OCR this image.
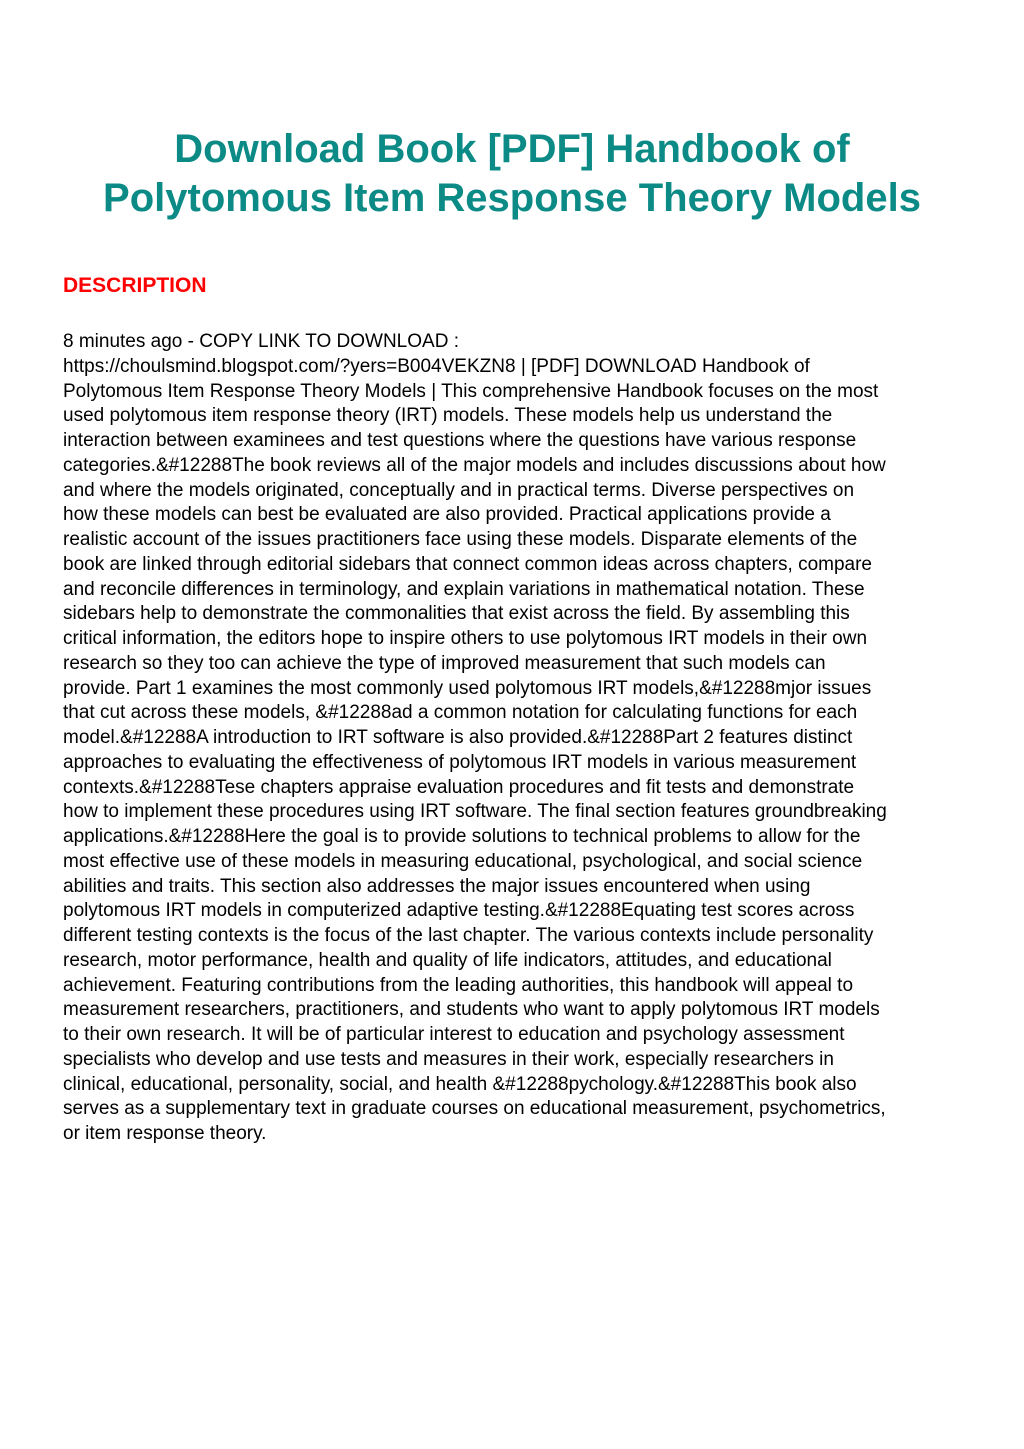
Download Book [PDF] Handbook of
Polytomous Item Response Theory Models
DESCRIPTION
8 minutes ago - COPY LINK TO DOWNLOAD :
https://choulsmind.blogspot.com/?yers=B004VEKZN8 | [PDF] DOWNLOAD Handbook of
Polytomous Item Response Theory Models | This comprehensive Handbook focuses on the most
used polytomous item response theory (IRT) models. These models help us understand the
interaction between examinees and test questions where the questions have various response
categories.&#12288The book reviews all of the major models and includes discussions about how
and where the models originated, conceptually and in practical terms. Diverse perspectives on
how these models can best be evaluated are also provided. Practical applications provide a
realistic account of the issues practitioners face using these models. Disparate elements of the
book are linked through editorial sidebars that connect common ideas across chapters, compare
and reconcile differences in terminology, and explain variations in mathematical notation. These
sidebars help to demonstrate the commonalities that exist across the field. By assembling this
critical information, the editors hope to inspire others to use polytomous IRT models in their own
research so they too can achieve the type of improved measurement that such models can
provide. Part 1 examines the most commonly used polytomous IRT models,&#12288mjor issues
that cut across these models, &#12288ad a common notation for calculating functions for each
model.&#12288A introduction to IRT software is also provided.&#12288Part 2 features distinct
approaches to evaluating the effectiveness of polytomous IRT models in various measurement
contexts.&#12288Tese chapters appraise evaluation procedures and fit tests and demonstrate
how to implement these procedures using IRT software. The final section features groundbreaking
applications.&#12288Here the goal is to provide solutions to technical problems to allow for the
most effective use of these models in measuring educational, psychological, and social science
abilities and traits. This section also addresses the major issues encountered when using
polytomous IRT models in computerized adaptive testing.&#12288Equating test scores across
different testing contexts is the focus of the last chapter. The various contexts include personality
research, motor performance, health and quality of life indicators, attitudes, and educational
achievement. Featuring contributions from the leading authorities, this handbook will appeal to
measurement researchers, practitioners, and students who want to apply polytomous IRT models
to their own research. It will be of particular interest to education and psychology assessment
specialists who develop and use tests and measures in their work, especially researchers in
clinical, educational, personality, social, and health &#12288pychology.&#12288This book also
serves as a supplementary text in graduate courses on educational measurement, psychometrics,
or item response theory.
